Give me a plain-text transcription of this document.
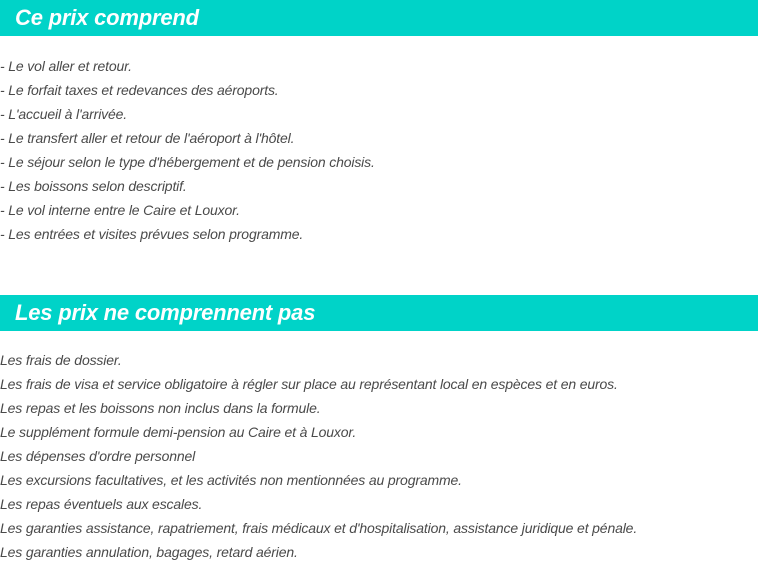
Ce prix comprend
- Le vol aller et retour.
- Le forfait taxes et redevances des aéroports.
- L'accueil à l'arrivée.
- Le transfert aller et retour de l'aéroport à l'hôtel.
- Le séjour selon le type d'hébergement et de pension choisis.
- Les boissons selon descriptif.
- Le vol interne entre le Caire et Louxor.
- Les entrées et visites prévues selon programme.
Les prix ne comprennent pas
Les frais de dossier.
Les frais de visa et service obligatoire à régler sur place au représentant local en espèces et en euros.
Les repas et les boissons non inclus dans la formule.
Le supplément formule demi-pension au Caire et à Louxor.
Les dépenses d'ordre personnel
Les excursions facultatives, et les activités non mentionnées au programme.
Les repas éventuels aux escales.
Les garanties assistance, rapatriement, frais médicaux et d'hospitalisation, assistance juridique et pénale.
Les garanties annulation, bagages, retard aérien.
